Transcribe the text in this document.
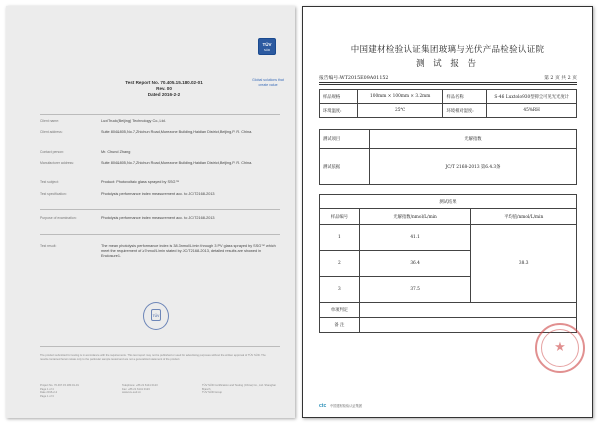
TÜV
SÜD
Global solutions that create value
Test Report No. 70.405.15.180.02-01
Rev. 00
Dated 2016-2-2
Client name:	LuxiTruck(Beijing) Technology Co.,Ltd.
Client address:	Suite 804&805,No.7,Zhichun Road,Murezone Building,Haidian District,Beijing,P. R. China.
Contact person:	Mr. Chund Zhang
Manufacturer address:	Suite 804&805,No.7,Zhichun Road,Murezone Building,Haidian District,Beijing,P. R. China.
Test subject:	Product: Photovoltaic glass sprayed by SSG™
Test specification:	Photolysis performance index measurement acc. to JC/T2168-2013
Purpose of examination:	Photolysis performance index measurement acc. to JC/T2168-2013
Test result:	The mean photolysis performance index is 38.3nmol/L/min through 3 PV glass sprayed by SSG™ which meet the requirement of ≥7nmol/L/min stated by JC/T2168-2013, detailed results are showed in Enclosure1.
TÜV
The product submitted for testing is in accordance with the requirements. This test report may not be published or used for advertising purposes without the written approval of TÜV SÜD. The results contained herein relate only to the particular sample tested and are not a generalized statement of the product.
Project No. 70.467.15.180.01-01
Page 1 of 4
Date 2016-2-2
Page 1 of 3
Telephone: +86 21 6141 0123
Fax: +86 21 6141 0123
www.tuv-sud.cn
TÜV SÜD Certification and Testing (China) Co., Ltd. Shanghai Branch
TÜV SÜD Group
中国建材检验认证集团玻璃与光伏产品检验认证院
测 试 报 告
报告编号:WT2015E09A01152	第 2 页 共 2 页
样品规格	100mm × 100mm × 3.2mm	样品名称	S-46 Luxtolo930型抑尘可见光光度计
环境温度:	25℃	环境相对湿度:	45%RH
测试项目	光解指数
测试依据	JC/T 2168-2013 第6.4.3条
测试结果		
样品编号	光解指数/nmol/L/min	平均值/nmol/L/min
1	41.1	38.3
2	36.4	
3	37.5	
单项判定		
备 注		
★
ctc 中国建材检验认证集团
